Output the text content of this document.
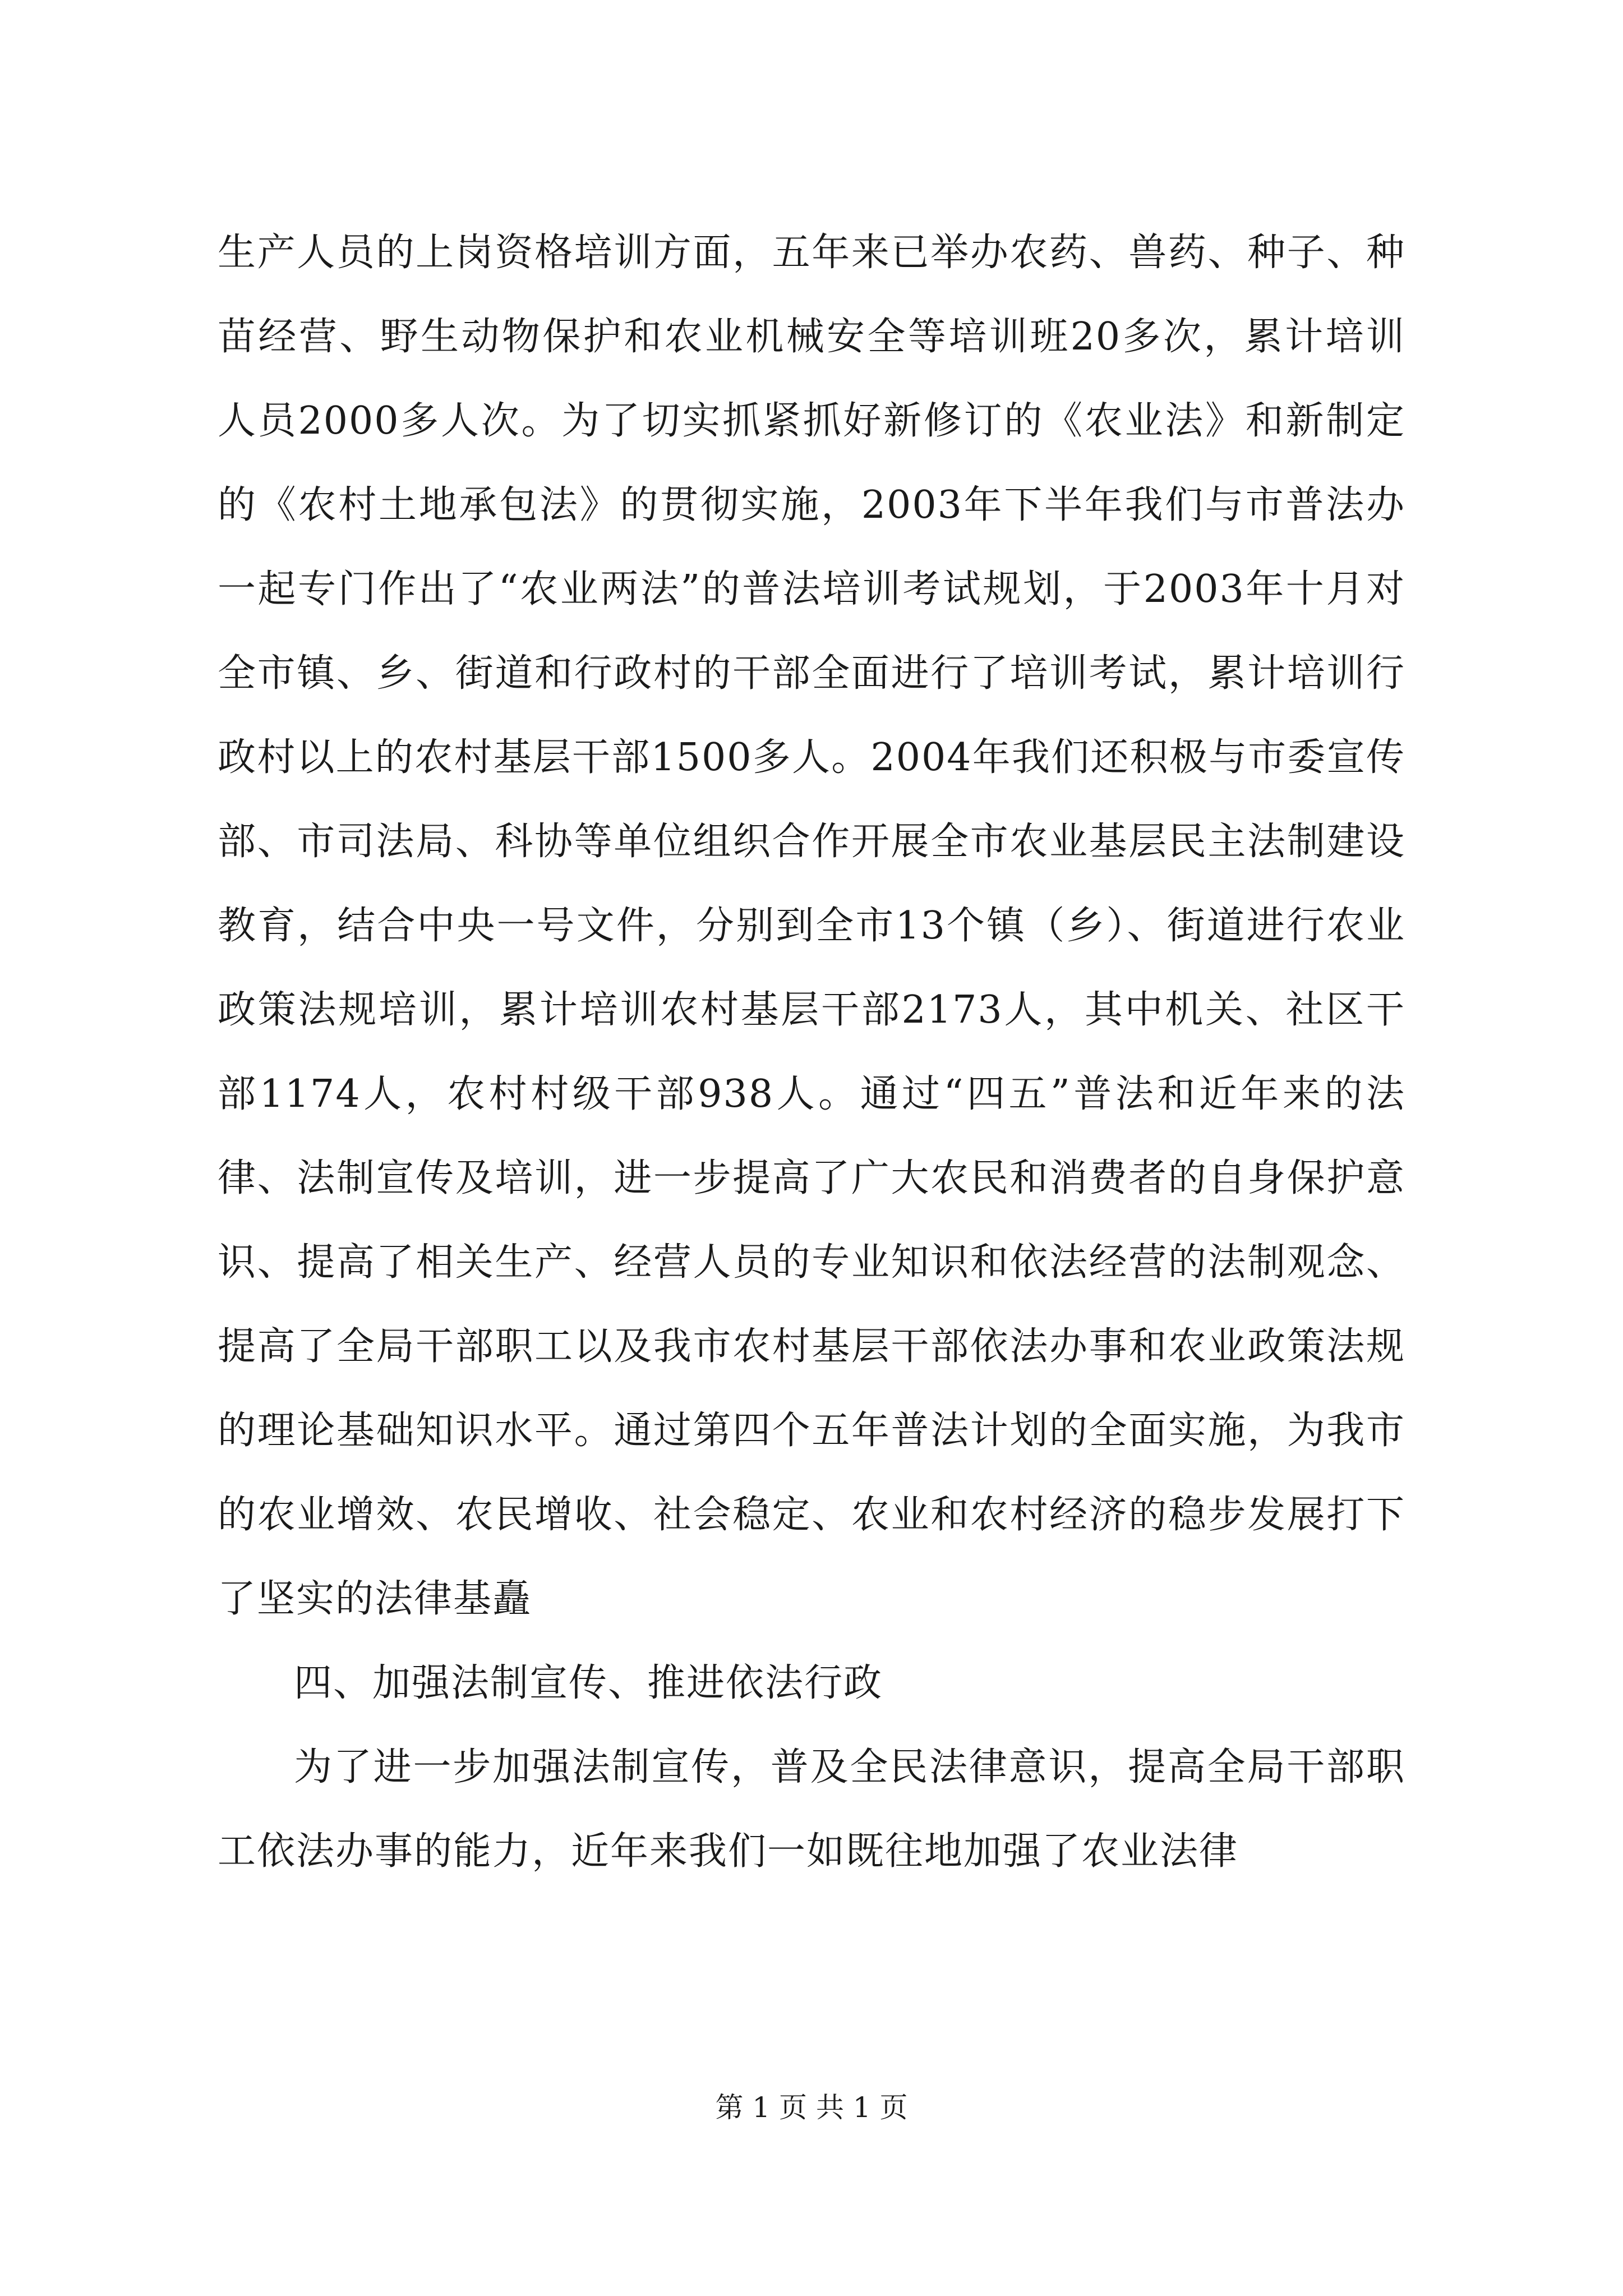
生产人员的上岗资格培训方面，五年来已举办农药、兽药、种子、种苗经营、野生动物保护和农业机械安全等培训班20多次，累计培训人员2000多人次。为了切实抓紧抓好新修订的《农业法》和新制定的《农村土地承包法》的贯彻实施，2003年下半年我们与市普法办一起专门作出了“农业两法”的普法培训考试规划，于2003年十月对全市镇、乡、街道和行政村的干部全面进行了培训考试，累计培训行政村以上的农村基层干部1500多人。2004年我们还积极与市委宣传部、市司法局、科协等单位组织合作开展全市农业基层民主法制建设教育，结合中央一号文件，分别到全市13个镇（乡）、街道进行农业政策法规培训，累计培训农村基层干部2173人，其中机关、社区干部1174人，农村村级干部938人。通过“四五”普法和近年来的法律、法制宣传及培训，进一步提高了广大农民和消费者的自身保护意识、提高了相关生产、经营人员的专业知识和依法经营的法制观念、提高了全局干部职工以及我市农村基层干部依法办事和农业政策法规的理论基础知识水平。通过第四个五年普法计划的全面实施，为我市的农业增效、农民增收、社会稳定、农业和农村经济的稳步发展打下了坚实的法律基矗

四、加强法制宣传、推进依法行政

为了进一步加强法制宣传，普及全民法律意识，提高全局干部职工依法办事的能力，近年来我们一如既往地加强了农业法律

第 1 页 共 1 页
